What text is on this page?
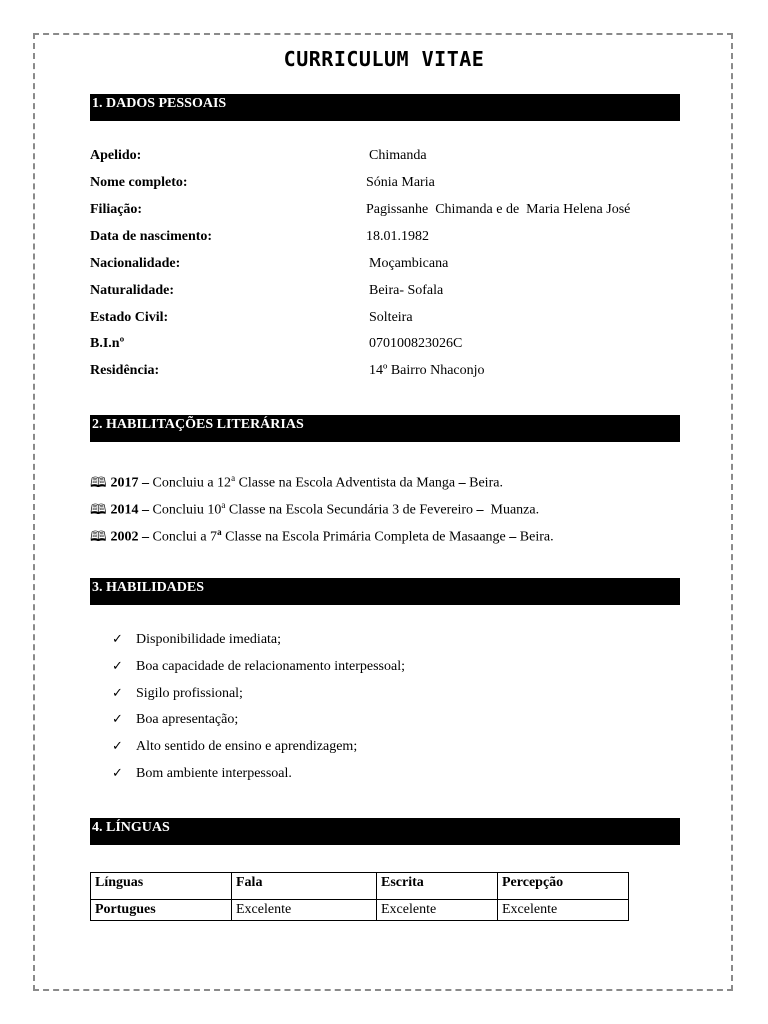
CURRICULUM VITAE
1. DADOS PESSOAIS
Apelido:	Chimanda
Nome completo:	Sónia Maria
Filiação:	Pagissanhe  Chimanda e de  Maria Helena José
Data de nascimento:	18.01.1982
Nacionalidade:	Moçambicana
Naturalidade:	Beira- Sofala
Estado Civil:	Solteira
B.I.nº	070100823026C
Residência:	14º Bairro Nhaconjo
2. HABILITAÇÕES LITERÁRIAS
🕮 2017 – Concluiu a 12$^a$ Classe na Escola Adventista da Manga – Beira.
🕮 2014 – Concluiu 10$^a$ Classe na Escola Secundária 3 de Fevereiro –  Muanza.
🕮 2002 – Conclui a 7$^a$ Classe na Escola Primária Completa de Masaange – Beira.
3. HABILIDADES
✓ Disponibilidade imediata;
✓ Boa capacidade de relacionamento interpessoal;
✓ Sigilo profissional;
✓ Boa apresentação;
✓ Alto sentido de ensino e aprendizagem;
✓ Bom ambiente interpessoal.
4. LÍNGUAS
Línguas	Fala	Escrita	Percepção
Portugues	Excelente	Excelente	Excelente
